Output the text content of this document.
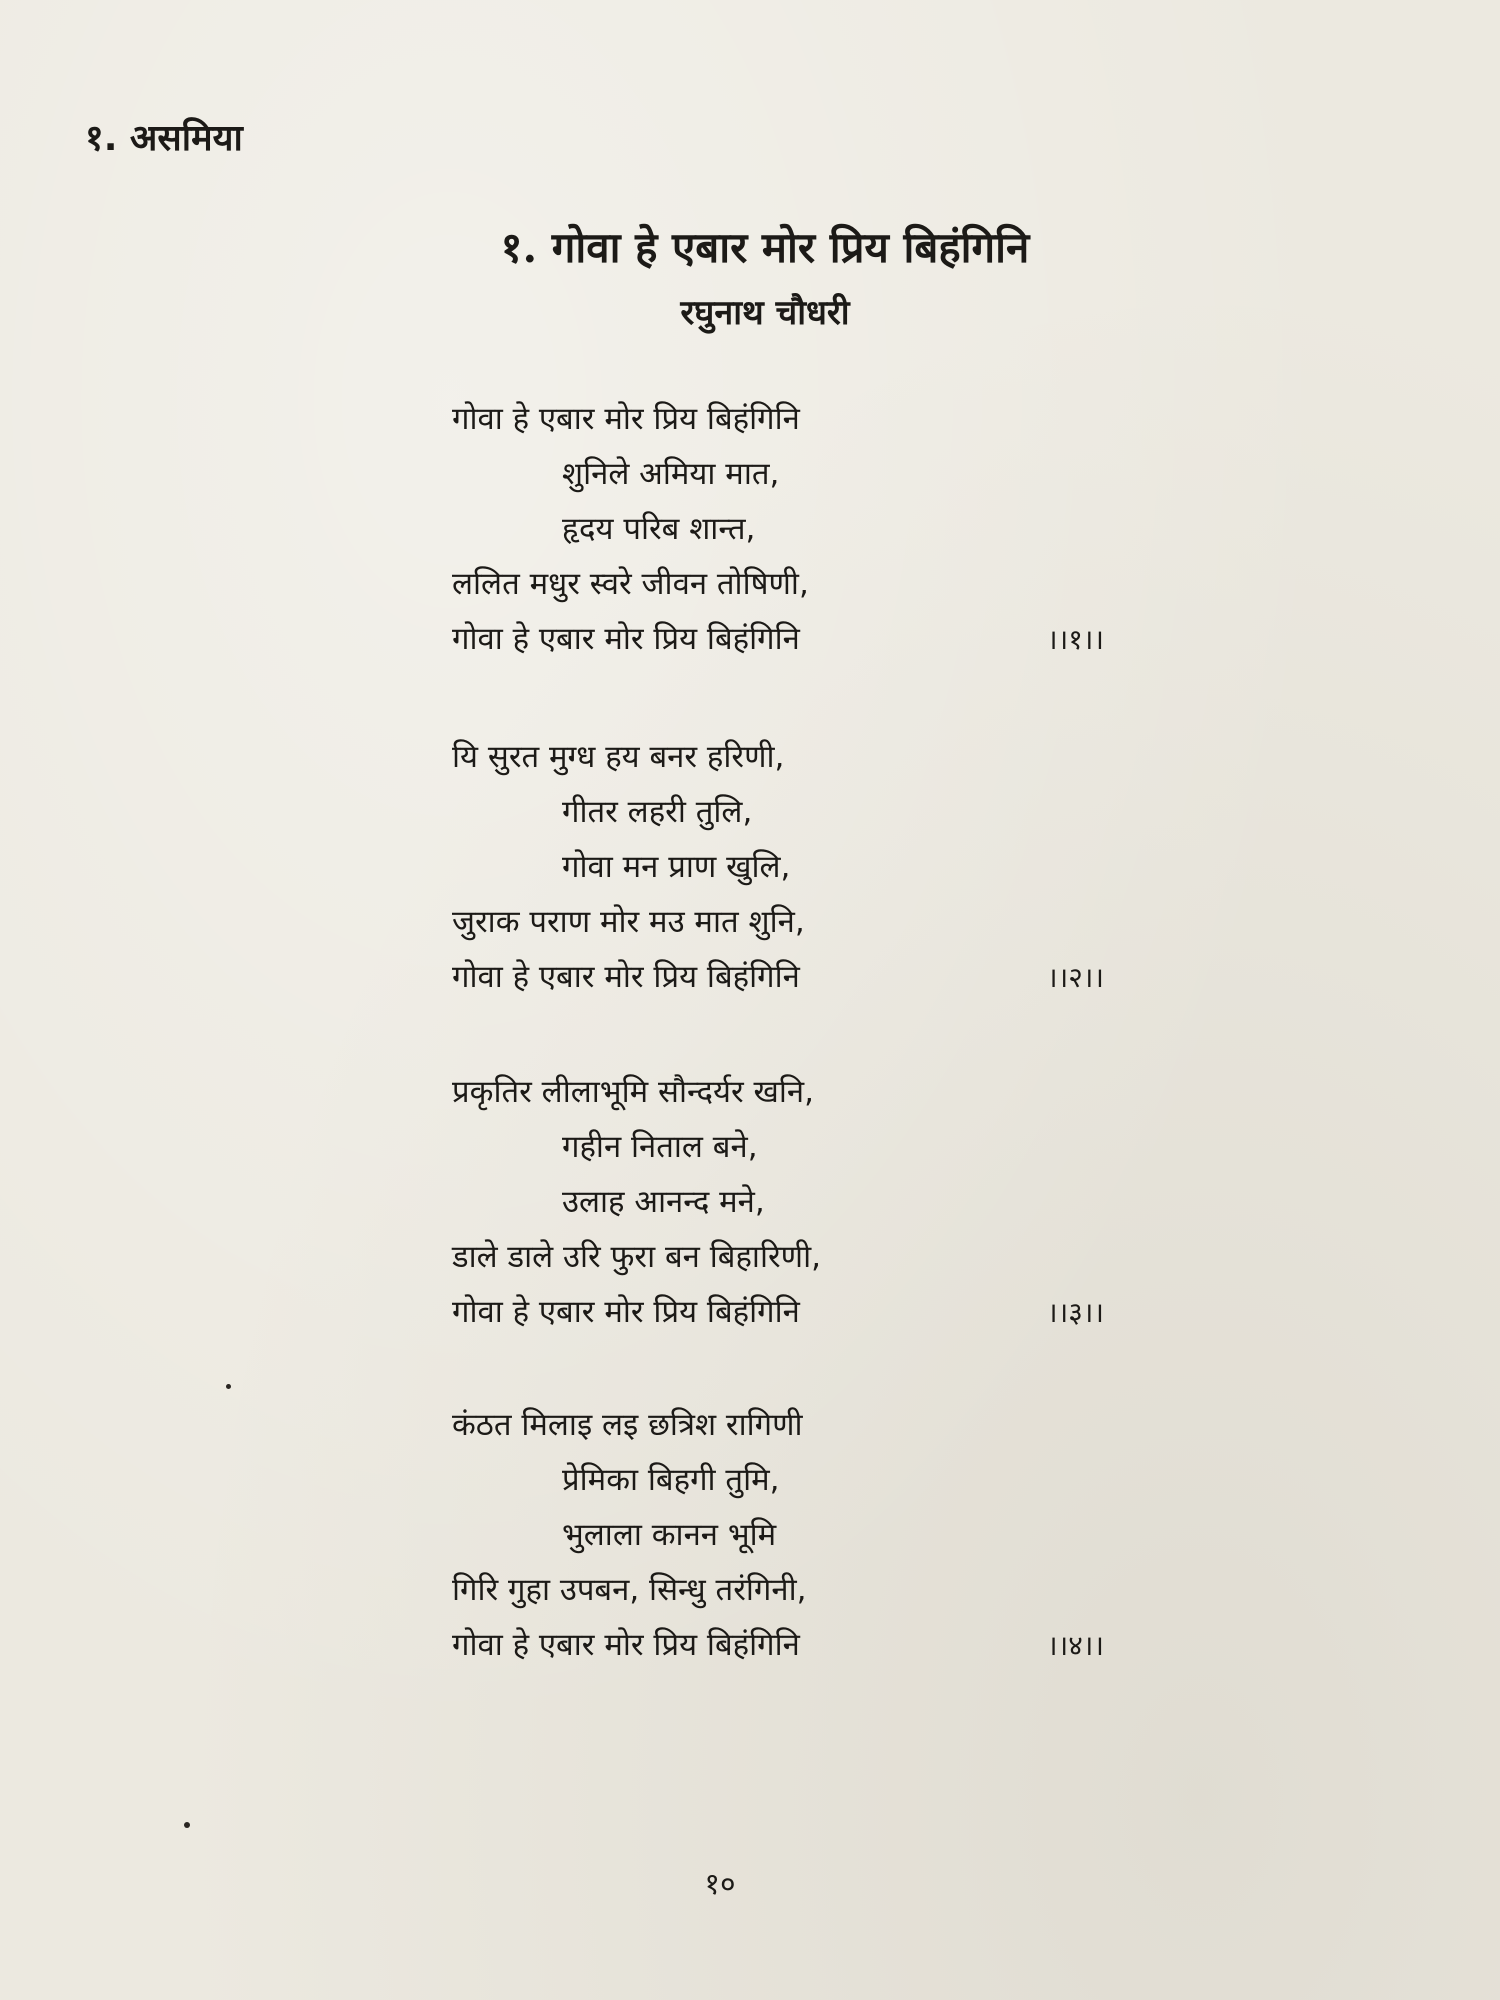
१. असमिया
१. गोवा हे एबार मोर प्रिय बिहंगिनि
रघुनाथ चौधरी
गोवा हे एबार मोर प्रिय बिहंगिनि
शुनिले अमिया मात,
हृदय परिब शान्त,
ललित मधुर स्वरे जीवन तोषिणी,
गोवा हे एबार मोर प्रिय बिहंगिनि	।।१।।
यि सुरत मुग्ध हय बनर हरिणी,
गीतर लहरी तुलि,
गोवा मन प्राण खुलि,
जुराक पराण मोर मउ मात शुनि,
गोवा हे एबार मोर प्रिय बिहंगिनि	।।२।।
प्रकृतिर लीलाभूमि सौन्दर्यर खनि,
गहीन निताल बने,
उलाह आनन्द मने,
डाले डाले उरि फुरा बन बिहारिणी,
गोवा हे एबार मोर प्रिय बिहंगिनि	।।३।।
कंठत मिलाइ लइ छत्रिश रागिणी
प्रेमिका बिहगी तुमि,
भुलाला कानन भूमि
गिरि गुहा उपबन, सिन्धु तरंगिनी,
गोवा हे एबार मोर प्रिय बिहंगिनि	।।४।।
१०
